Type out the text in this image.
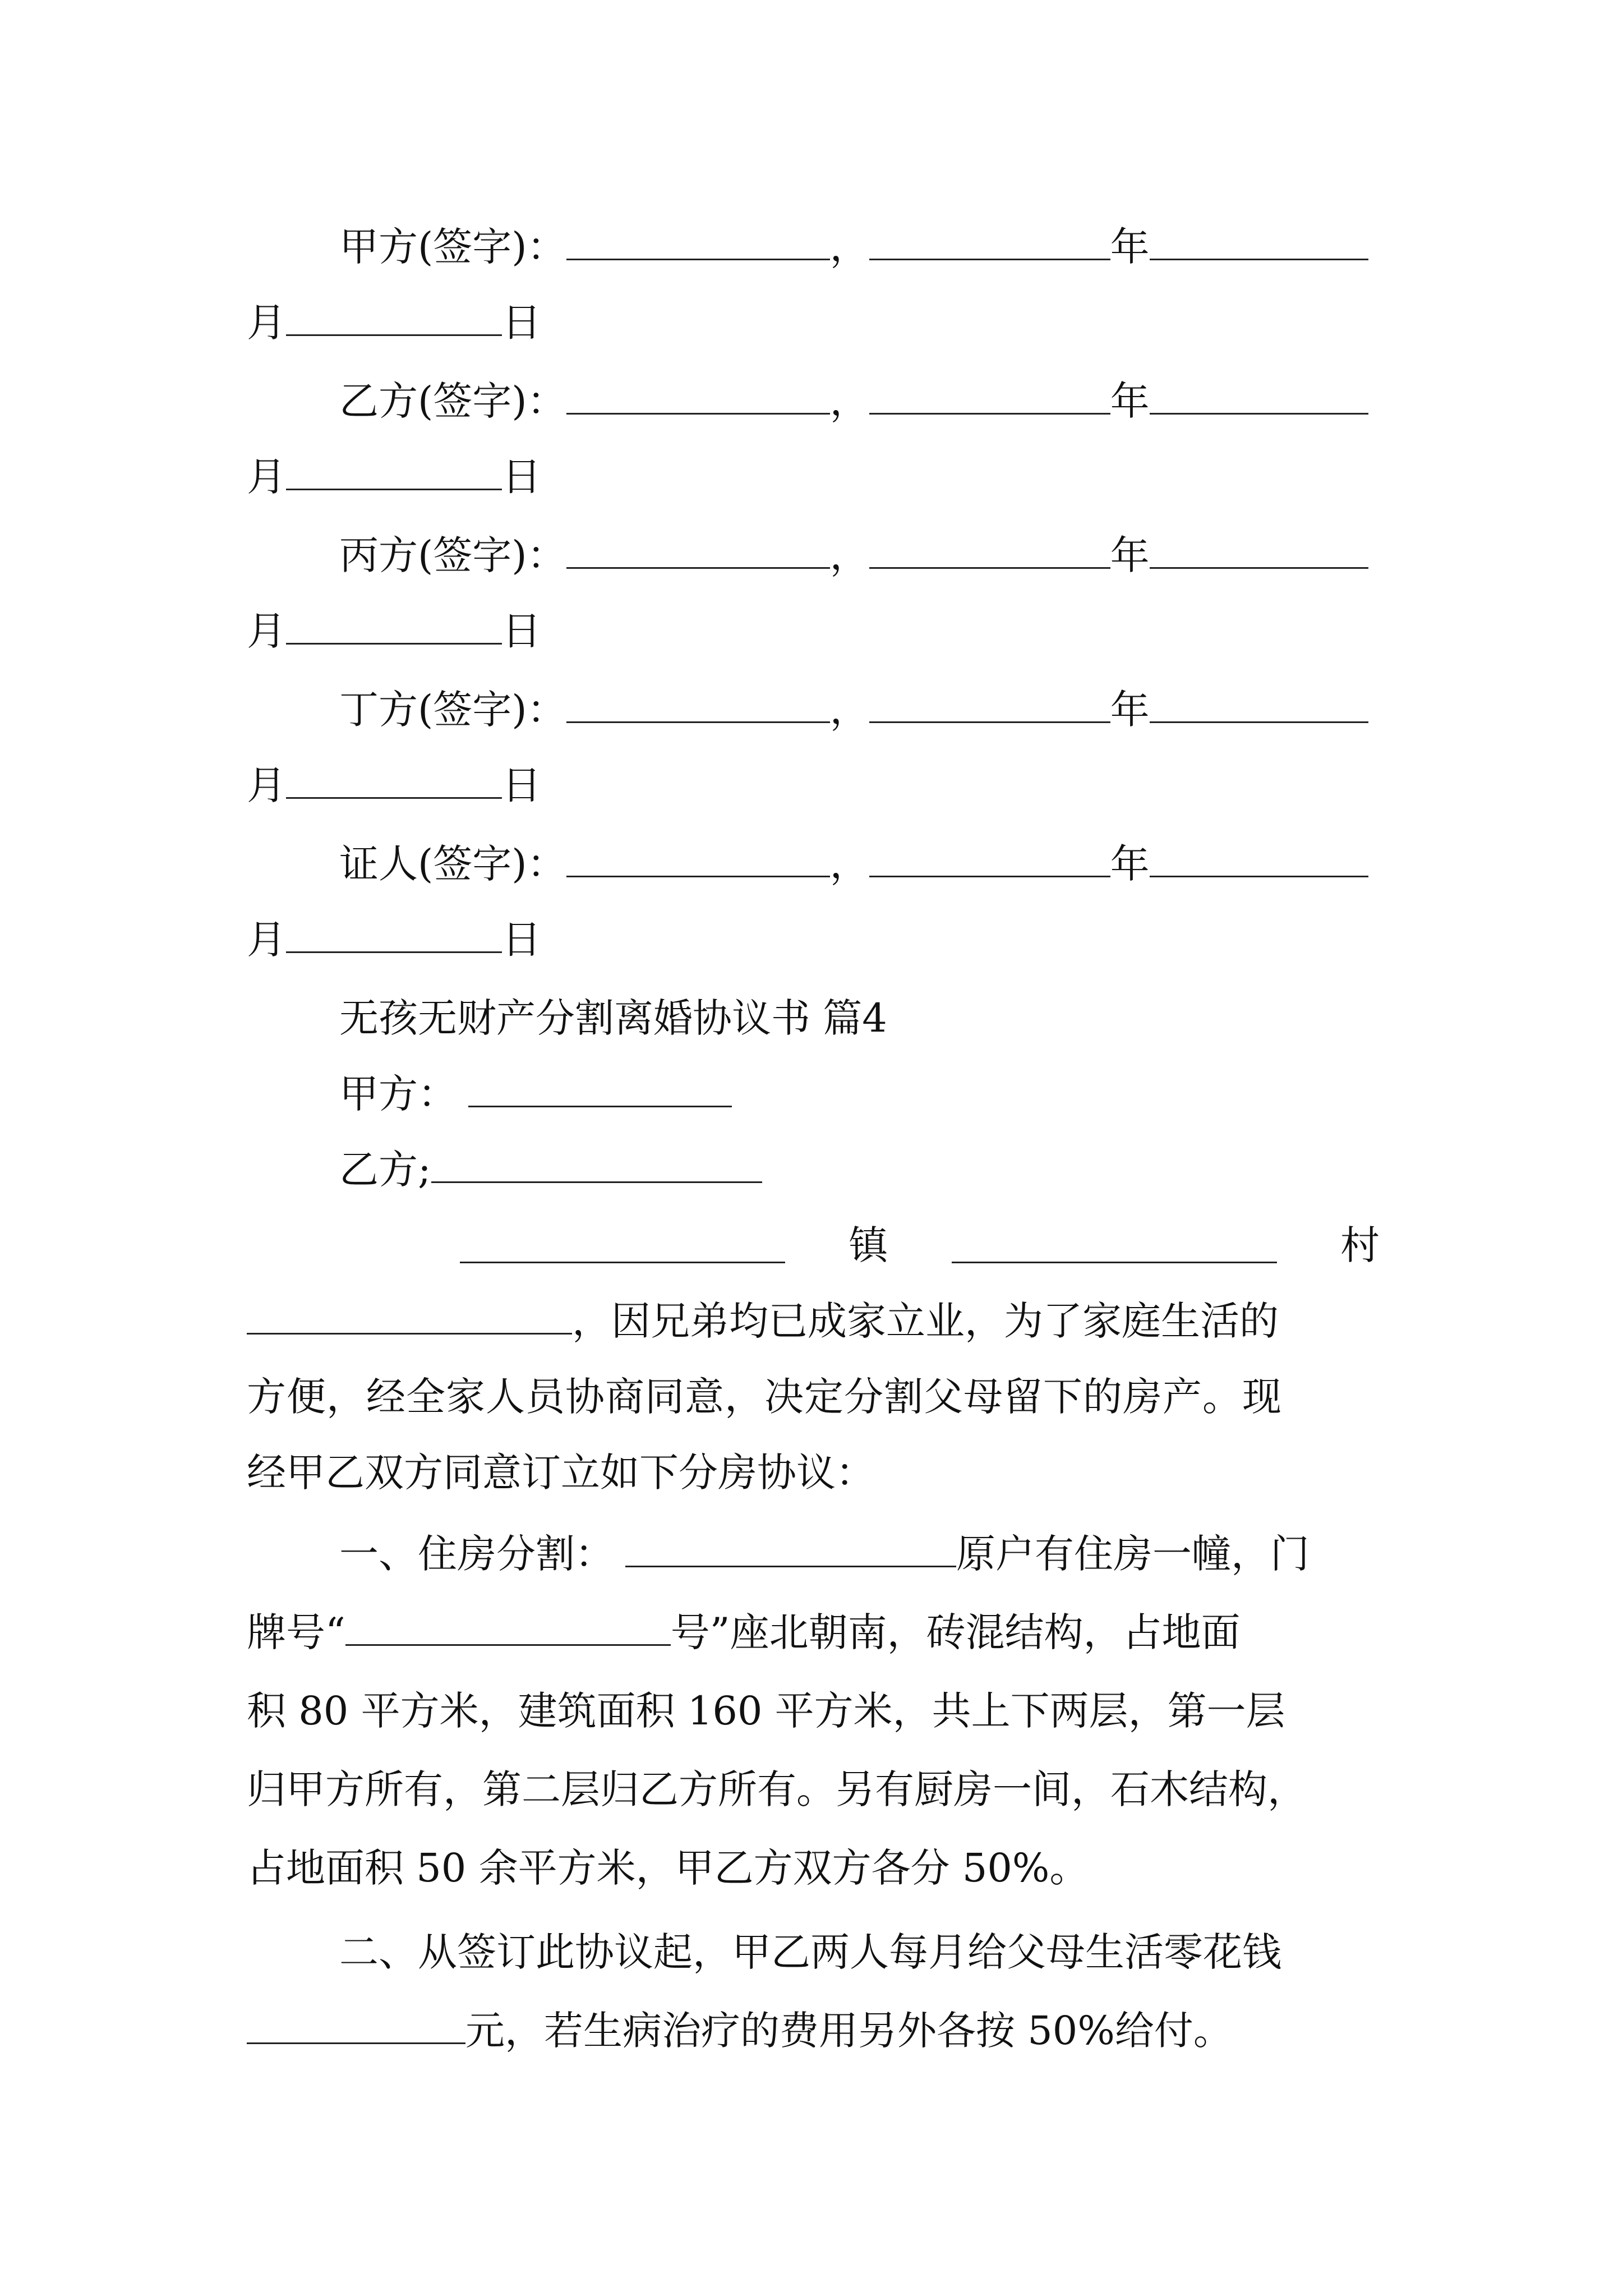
甲方(签字)：	，	年
月	日
乙方(签字)：	，	年
月	日
丙方(签字)：	，	年
月	日
丁方(签字)：	，	年
月	日
证人(签字)：	，	年
月	日
无孩无财产分割离婚协议书 篇4
甲方：
乙方;
镇	村
，因兄弟均已成家立业，为了家庭生活的
方便，经全家人员协商同意，决定分割父母留下的房产。现
经甲乙双方同意订立如下分房协议：
一、住房分割：	原户有住房一幢，门
牌号“	号”座北朝南，砖混结构，占地面
积 80 平方米，建筑面积 160 平方米，共上下两层，第一层
归甲方所有，第二层归乙方所有。另有厨房一间，石木结构，
占地面积 50 余平方米，甲乙方双方各分 50%。
二、从签订此协议起，甲乙两人每月给父母生活零花钱
元，若生病治疗的费用另外各按 50%给付。
